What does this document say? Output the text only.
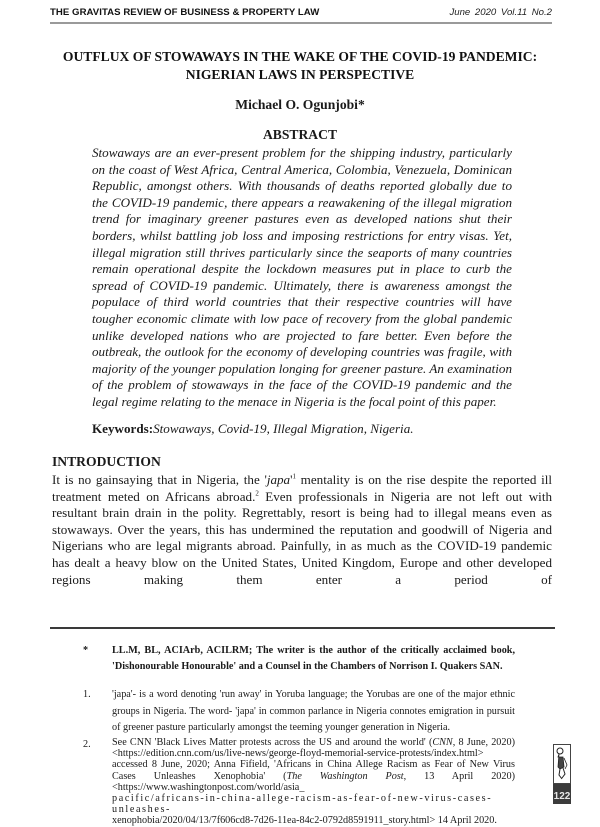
THE GRAVITAS REVIEW OF BUSINESS & PROPERTY LAW	June 2020 Vol.11 No.2
OUTFLUX OF STOWAWAYS IN THE WAKE OF THE COVID-19 PANDEMIC:
NIGERIAN LAWS IN PERSPECTIVE
Michael O. Ogunjobi*
ABSTRACT
Stowaways are an ever-present problem for the shipping industry, particularly on the coast of West Africa, Central America, Colombia, Venezuela, Dominican Republic, amongst others. With thousands of deaths reported globally due to the COVID-19 pandemic, there appears a reawakening of the illegal migration trend for imaginary greener pastures even as developed nations shut their borders, whilst battling job loss and imposing restrictions for entry visas. Yet, illegal migration still thrives particularly since the seaports of many countries remain operational despite the lockdown measures put in place to curb the spread of COVID-19 pandemic. Ultimately, there is awareness amongst the populace of third world countries that their respective countries will have tougher economic climate with low pace of recovery from the global pandemic unlike developed nations who are projected to fare better. Even before the outbreak, the outlook for the economy of developing countries was fragile, with majority of the younger population longing for greener pasture. An examination of the problem of stowaways in the face of the COVID-19 pandemic and the legal regime relating to the menace in Nigeria is the focal point of this paper.
Keywords:Stowaways, Covid-19, Illegal Migration, Nigeria.
INTRODUCTION
It is no gainsaying that in Nigeria, the '$japa'^1$ mentality is on the rise despite the reported ill treatment meted on Africans abroad.$^2$ Even professionals in Nigeria are not left out with resultant brain drain in the polity. Regrettably, resort is being had to illegal means even as stowaways. Over the years, this has undermined the reputation and goodwill of Nigeria and Nigerians who are legal migrants abroad. Painfully, in as much as the COVID-19 pandemic has dealt a heavy blow on the United States, United Kingdom, Europe and other developed regions making them enter a period of
* LL.M, BL, ACIArb, ACILRM; The writer is the author of the critically acclaimed book, 'Dishonourable Honourable' and a Counsel in the Chambers of Norrison I. Quakers SAN.
1. 'japa'- is a word denoting 'run away' in Yoruba language; the Yorubas are one of the major ethnic groups in Nigeria. The word- 'japa' in common parlance in Nigeria connotes emigration in pursuit of greener pasture particularly amongst the teeming younger generation in Nigeria.
2. See CNN 'Black Lives Matter protests across the US and around the world' (CNN, 8 June, 2020) <https://edition.cnn.com/us/live-news/george-floyd-memorial-service-protests/index.html> accessed 8 June, 2020; Anna Fifield, 'Africans in China Allege Racism as Fear of New Virus Cases Unleashes Xenophobia' (The Washington Post, 13 April 2020) <https://www.washingtonpost.com/world/asia_
pacific/africans-in-china-allege-racism-as-fear-of-new-virus-cases-unleashes-
xenophobia/2020/04/13/7f606cd8-7d26-11ea-84c2-0792d8591911_story.html> 14 April 2020.
122
